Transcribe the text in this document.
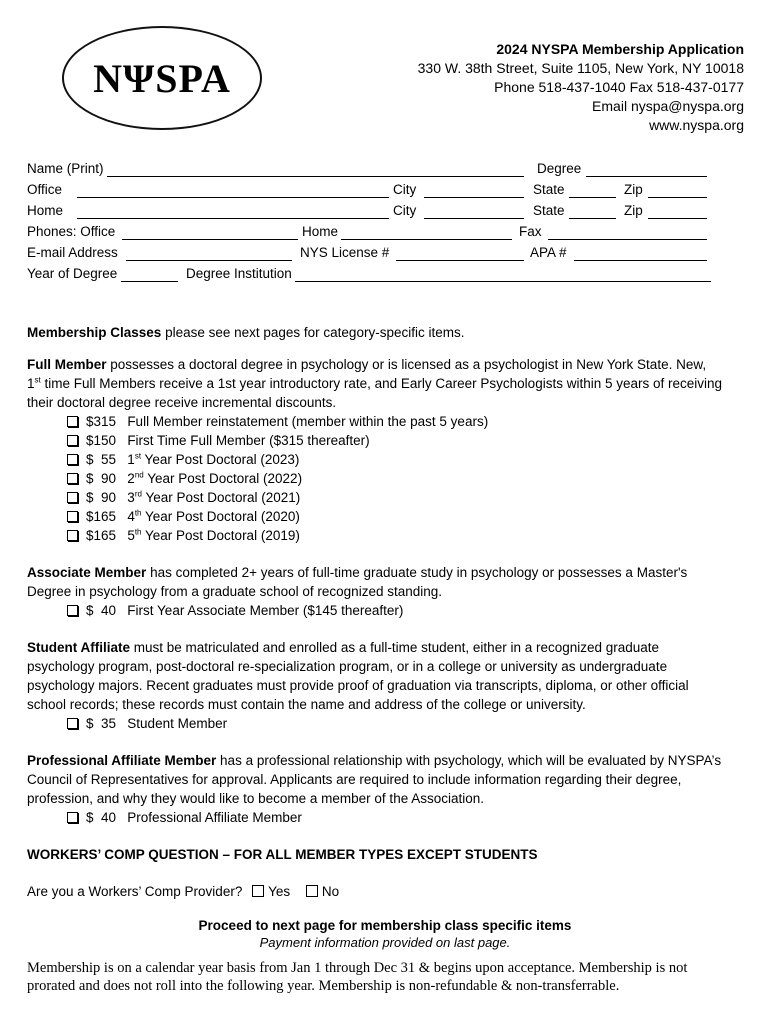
NΨSPA
2024 NYSPA Membership Application
330 W. 38th Street, Suite 1105, New York, NY 10018
Phone 518-437-1040 Fax 518-437-0177
Email nyspa@nyspa.org
www.nyspa.org
Name (Print)	Degree
Office	City	State	Zip
Home	City	State	Zip
Phones: Office	Home	Fax
E-mail Address	NYS License #	APA #
Year of Degree	Degree Institution
Membership Classes please see next pages for category-specific items.
Full Member possesses a doctoral degree in psychology or is licensed as a psychologist in New York State. New,
1st time Full Members receive a 1st year introductory rate, and Early Career Psychologists within 5 years of receiving
their doctoral degree receive incremental discounts.
$315 Full Member reinstatement (member within the past 5 years)
$150 First Time Full Member ($315 thereafter)
$  55 1st Year Post Doctoral (2023)
$  90 2nd Year Post Doctoral (2022)
$  90 3rd Year Post Doctoral (2021)
$165 4th Year Post Doctoral (2020)
$165 5th Year Post Doctoral (2019)
Associate Member has completed 2+ years of full-time graduate study in psychology or possesses a Master's
Degree in psychology from a graduate school of recognized standing.
$  40 First Year Associate Member ($145 thereafter)
Student Affiliate must be matriculated and enrolled as a full-time student, either in a recognized graduate
psychology program, post-doctoral re-specialization program, or in a college or university as undergraduate
psychology majors. Recent graduates must provide proof of graduation via transcripts, diploma, or other official
school records; these records must contain the name and address of the college or university.
$  35 Student Member
Professional Affiliate Member has a professional relationship with psychology, which will be evaluated by NYSPA’s
Council of Representatives for approval. Applicants are required to include information regarding their degree,
profession, and why they would like to become a member of the Association.
$  40 Professional Affiliate Member
WORKERS’ COMP QUESTION – FOR ALL MEMBER TYPES EXCEPT STUDENTS
Are you a Workers’ Comp Provider? Yes No
Proceed to next page for membership class specific items
Payment information provided on last page.
Membership is on a calendar year basis from Jan 1 through Dec 31 & begins upon acceptance. Membership is not
prorated and does not roll into the following year. Membership is non-refundable & non-transferrable.
